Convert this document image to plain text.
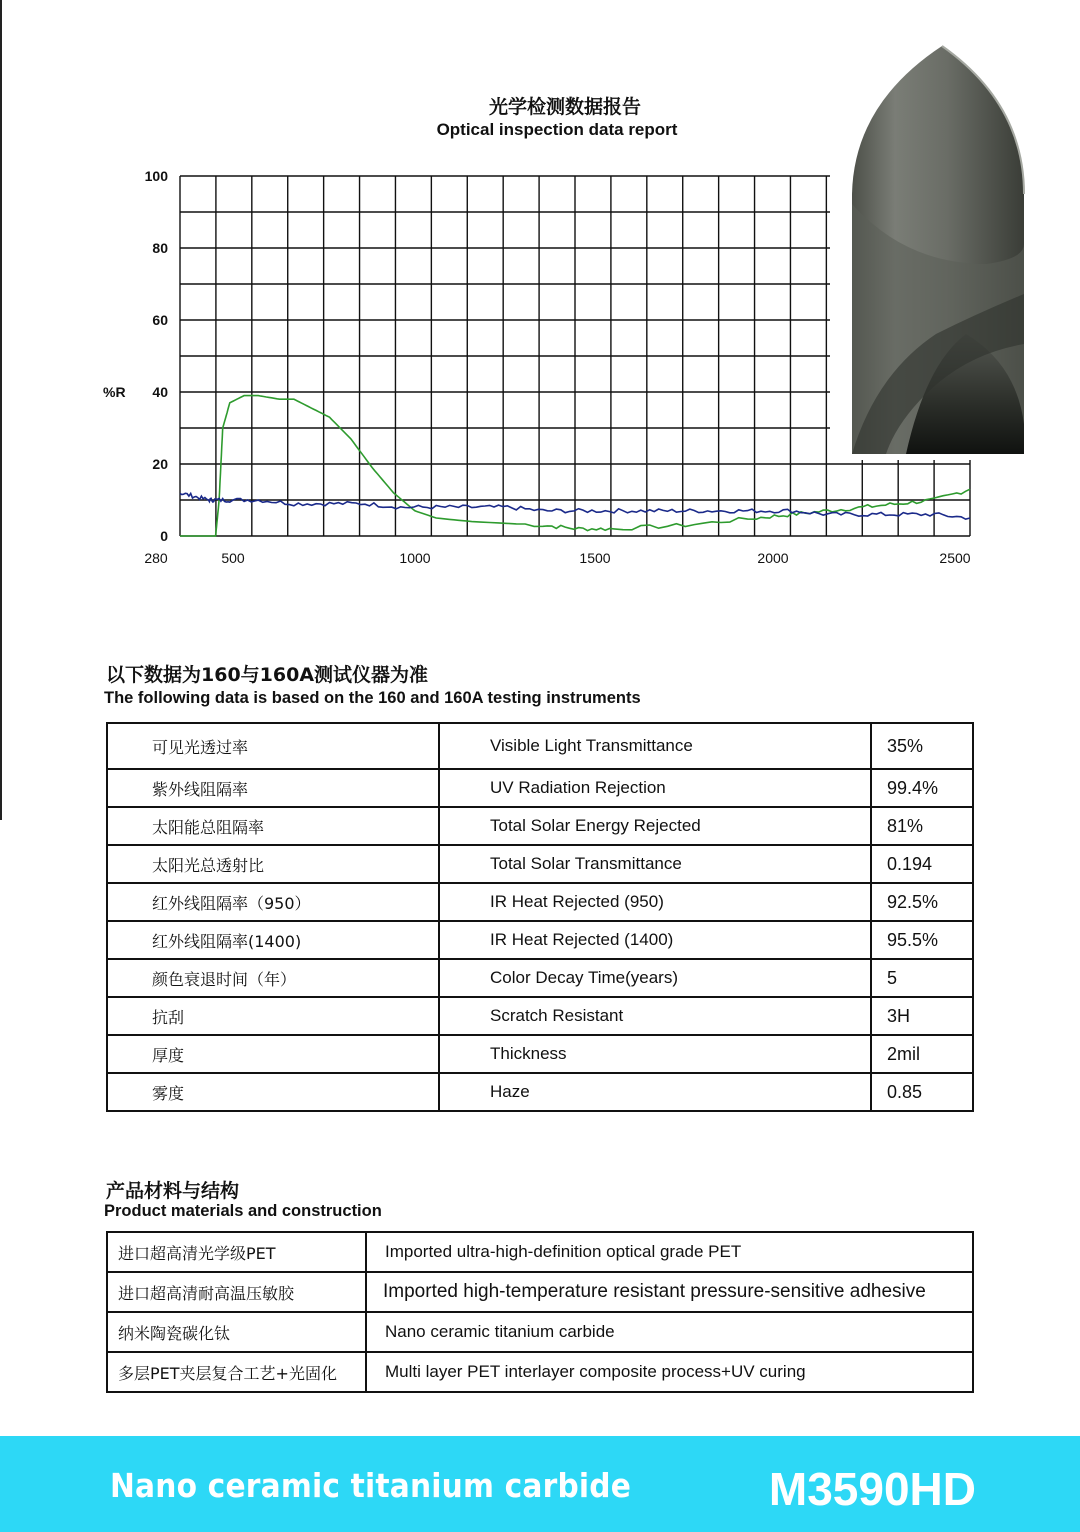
光学检测数据报告
Optical inspection data report
100
80
60
40
20
0
%R
280	500	1000	1500	2000	2500
以下数据为160与160A测试仪器为准
The following data is based on the 160 and 160A testing instruments
可见光透过率	Visible Light Transmittance	35%
紫外线阻隔率	UV Radiation Rejection	99.4%
太阳能总阻隔率	Total Solar Energy Rejected	81%
太阳光总透射比	Total Solar Transmittance	0.194
红外线阻隔率（950）	IR Heat Rejected (950)	92.5%
红外线阻隔率(1400)	IR Heat Rejected (1400)	95.5%
颜色衰退时间（年）	Color Decay Time(years)	5
抗刮	Scratch Resistant	3H
厚度	Thickness	2mil
雾度	Haze	0.85
产品材料与结构
Product materials and construction
进口超高清光学级PET	Imported ultra-high-definition optical grade PET
进口超高清耐高温压敏胶	Imported high-temperature resistant pressure-sensitive adhesive
纳米陶瓷碳化钛	Nano ceramic titanium carbide
多层PET夹层复合工艺+光固化	Multi layer PET interlayer composite process+UV curing
Nano ceramic titanium carbide	M3590HD
